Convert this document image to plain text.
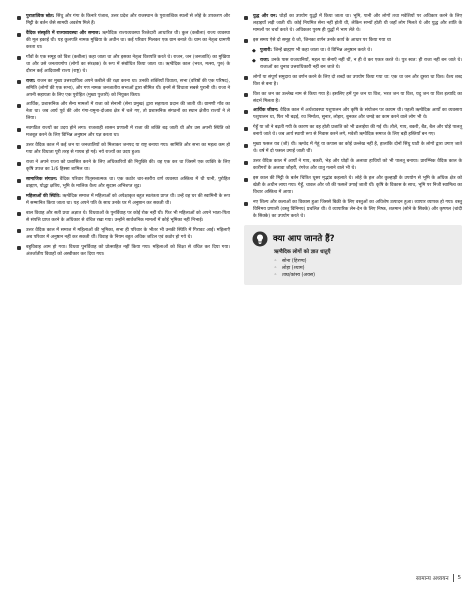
पुरातात्विक स्रोत: सिंधु और गंगा के किनारे पंजाब, उत्तर प्रदेश और राजस्थान के पुरातात्विक स्थलों से लोहे के उपकरण और मिट्टी के बर्तन जैसे सामग्री अवशेष मिले हैं।
वैदिक संस्कृति में राज्यव्यवस्था और समाज: ऋग्वैदिक राज्यव्यवस्था रिश्तेदारी आधारित थी। कुल (कबीला) राज्य व्यवस्था की मूल इकाई थी। यह कुलपति नामक मुखिया के अधीन था। कई परिवार मिलकर एक ग्राम बनाते थे। ग्राम का नेतृत्व ग्रामणी करता था।
गाँवों के एक समूह को विश (कबीला) कहा जाता था और इसका नेतृत्व विशपति करते थे। राजन, जन (जनजाति) का मुखिया था और उसे जनतायगोप (लोगों का संरक्षक) के रूप में संबोधित किया जाता था। ऋग्वैदिक काल (भरत, मत्स्य, पुरु) के दौरान कई आदिवासी राज्य (राष्ट्र) थे।
राजा: राजन का मुख्य उत्तरदायित्व अपने कबीले की रक्षा करना था। उनकी शक्तियाँ विधाता, सभा (वरिष्ठों की एक परिषद), समिति (लोगों की एक सभा), और गण नामक जनजातीय सभाओं द्वारा सीमित थी। इनमें से विधाता सबसे पुरानी थी। राजा ने अपनी सहायता के लिए एक पुरोहित (मुख्य पुजारी) को नियुक्त किया।
आर्थिक, प्रशासनिक और सैन्य मामलों में राजा को सेनानी (सेना प्रमुख) द्वारा सहायता प्रदान की जाती थी। ग्रामणी गाँव का नेता था। जब आर्य पूर्व की ओर गंगा-यमुना-दोआब क्षेत्र में चले गए, तो प्रशासनिक संगठनों का स्थान क्षेत्रीय राज्यों ने ले लिया।
नवगठित राज्यों का उदय होने लगा। राजशाही शासन प्रणाली में राजा की शक्ति बढ़ जाती थी और उस अपनी स्थिति को मजबूत करने के लिए विभिन्न अनुष्ठान और यज्ञ करता था।
उत्तर वैदिक काल में कई जन या जनजातियों को मिलाकर जनपद या राष्ट्र बनाया गया। सामिति और सभा का महत्व कम हो गया और विधाता पूरी तरह से गायब हो गई। नये राज्यों का उदय हुआ।
राजा ने अपने राज्य को प्रशासित करने के लिए अधिकारियों की नियुक्ति की। वह एक कर था जिसमें एक व्यक्ति के लिए कृषि उपज का 1/6 हिस्सा शामिल था।
सामाजिक संगठन: वैदिक परिवार पितृसत्तात्मक था। एक कठोर चार-स्तरीय वर्ण व्यवस्था अस्तित्व में थी यानी, पुरोहित ब्राह्मण, योद्धा क्षत्रिय, भूमि के मालिक वैश्य और सुदास अभिशप्त शूद्र।
महिलाओं की स्थिति: ऋग्वैदिक समाज में महिलाओं को अपेक्षाकृत बहुत स्वतंत्रता प्राप्त थी। उन्हें वह घर की स्वामिनी के रूप में सम्मानित किया जाता था। यह अपने पति के साथ उनके घर में अनुष्ठान कर सकती थी।
बाल विवाह और सती प्रथा अज्ञात थे। विधवाओं के पुनर्विवाह पर कोई रोक नहीं थी। फिर भी महिलाओं को अपने भाता-पिता से संपत्ति प्राप्त करने के अधिकार से वंचित रखा गया। उन्होंने सार्वजनिक मामलों में कोई भूमिका नहीं निभाई।
उत्तर वैदिक काल में समाज में महिलाओं की भूमिका, सभा ही परिवार के भीतर भी उनकी स्थिति में गिरावट आई। महिलाएँ अब परिवार में अनुष्ठान नहीं कर सकती थीं। विवाह के नियम बहुत अधिक जटिल एवं कठोर हो गये थे।
बहुविवाह आम हो गया। विधवा पुनर्विवाह को प्रोत्साहित नहीं किया गया। महिलाओं को शिक्षा से वंचित कर दिया गया। अंतर्जातीय विवाहों को अस्वीकार कर दिया गया।
युद्ध और वन: घोड़ों का उपयोग युद्धों में किया जाता था। भूमि, पानी और लोगों तथा मवेशियों पर अधिकार करने के लिए लड़ाइयाँ लड़ी जाती थीं। कोई नियमित सेना नहीं होती थी, लेकिन सभ्यों होती थी जहाँ लोग मिलते थे और युद्ध और शांति के मामलों पर चर्चा करते थे। अधिकतर पुरुष ही युद्धों में भाग लेते थे।
इस समय ऐसे दो समूह थे जो, जिनका वर्णन उनके कार्य के आधार पर किया गया था
◆ पुजारी: जिन्हें ब्राह्मण भी कहा जाता था। वे विभिन्न अनुष्ठान करते थे।
◆ राजा: उनके पास राजधानियाँ, महल या सेनाएँ नहीं थीं, न ही वे कर एकत्र करते थे। पुत्र स्वत: ही राजा नहीं बन जाते थे। राजाओं का चुनाव उत्तराधिकारी नहीं बन जाते थे।
लोगों या संपूर्ण समुदाय का वर्णन करने के लिए दो शब्दों का उपयोग किया गया था: एक था जन और दूसरा था विश। वैश्य शब्द विश से बना है।
विश का जन का उल्लेख नाम से किया गया है। इसलिए हमें पुरु जन या विश, भरत जन या विश, यदु जन या विश इत्यादि का संदर्भ मिलता है।
आर्थिक जीवन: वैदिक काल में अर्थव्यवस्था पशुपालन और कृषि के संयोजन पर कायम थी। पहली ऋग्वैदिक आर्यों का व्यवसाय पशुपालन था, फिर भी बढ़ई, रथ निर्माता, सुनार, लोहार, बुनकर और चमड़े का काम करने वाले लोग भी थे।
गेहूँ या जौ ने बढ़ती गयी के कारण का वह होती प्रजाति को भी ढलाईया की गई थी। तौले, गाय, बकरी, बैंड, बैल और घोड़े पालतू बनाये जाते थे। जब आर्य स्थायी रूप से निवास करने लगे, मवेशी ऋग्वैदिक समाज के लिए बड़ी हस्तियाँ बन गए।
मुख्य फसल यव (जौ) थी। ऋग्वेद में गेहूं या कपास का कोई उल्लेख नहीं है, हालांकि दोनों सिंधु घाटी के लोगों द्वारा उगाए जाते थे। वर्ष में दो फसल उगाई जाती थीं।
उत्तर वैदिक काल में आर्यों ने गाय, बकरी, भेड़ और घोड़ों के अलावा हाथियों को भी पालतू बनाया। प्रारम्भिक वैदिक काल के कारीगरों के अलावा जौहरी, रंगरेज और धातु गलाने वाले भी थे।
इस काल की मिट्टी के बर्तन चित्रित धूसर मृद्भांड कहलाते थे। लोहे के हल और कुल्हाड़ी के उपयोग से भूमि के अधिक क्षेत्र को खेती के अधीन लाया गया। गेहूँ, चावल और जौ की फसलें उगाई जाती थीं। कृषि के विकास के साथ, भूमि पर निजी स्वामित्व का विचार अस्तित्व में आया।
नए शिल्प और कलाओं का विकास हुआ जिससे बिक्री के लिए वस्तुओं का अधिशेष उत्पादन हुआ। व्यापार व्यापक हो गया। वस्तु विनिमय प्रणाली (वस्तु विनिमय) प्रचलित थी। वे व्यापारिक लेन-देन के लिए निष्क, शतमान (सोने के सिक्के) और कृष्णल (चांदी के सिक्के) का उपयोग करते थे।
क्या आप जानते हैं?
ऋग्वैदिक लोगों को ज्ञात धातुएँ
◦ सोना (हिरण्य)
◦ लोहा (श्याम)
◦ ताम्र/कांस्य (अयस)
सामान्य अध्ययन 5
